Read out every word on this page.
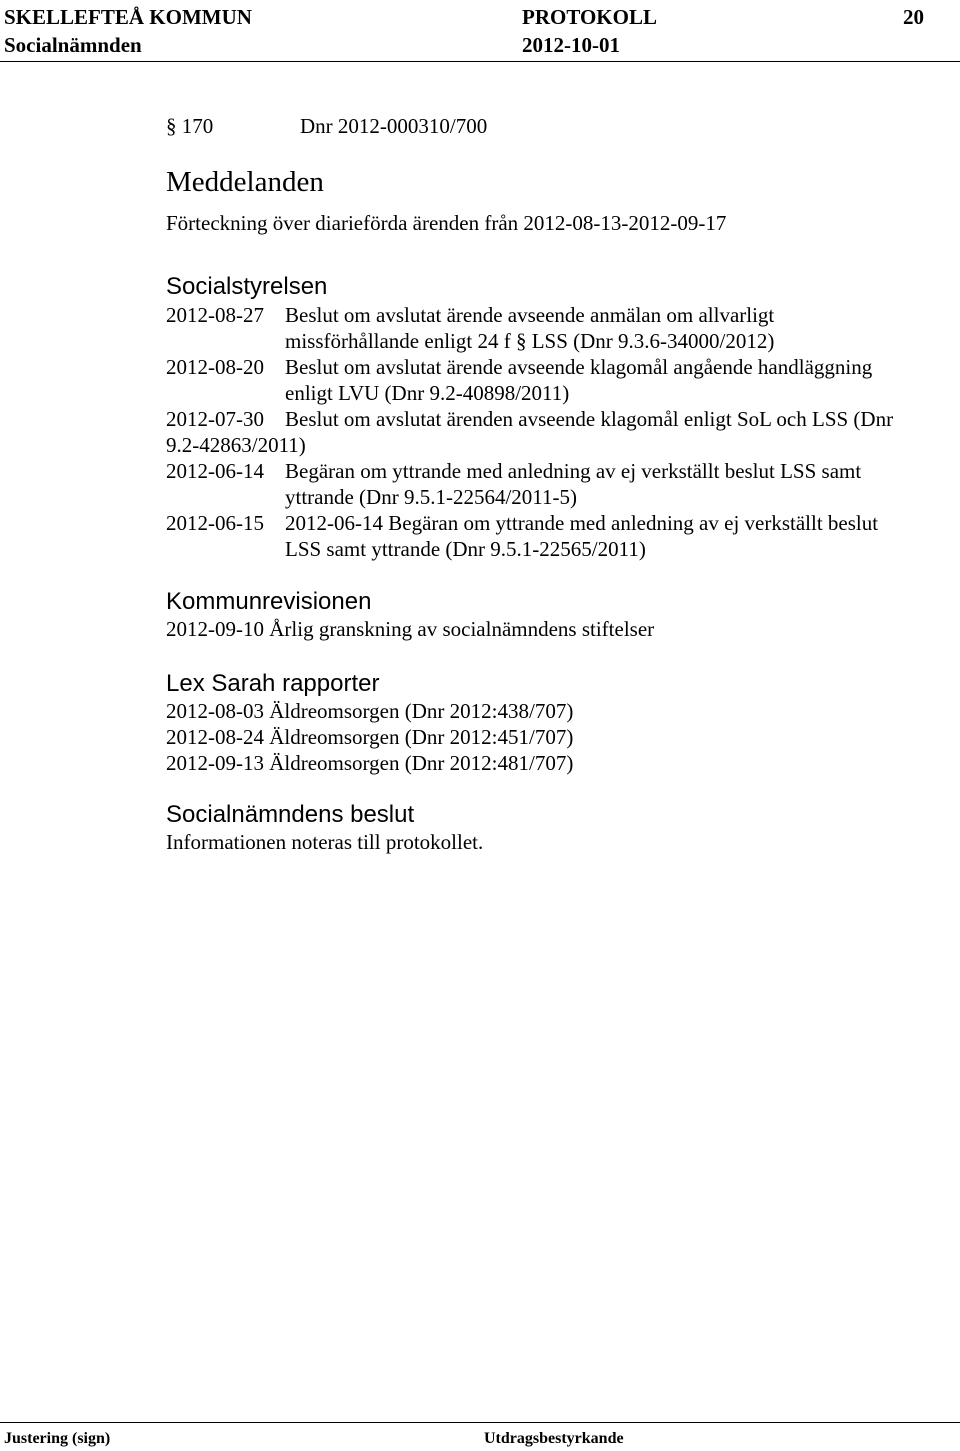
SKELLEFTEÅ KOMMUN	PROTOKOLL	20
Socialnämnden	2012-10-01
§ 170	Dnr 2012-000310/700
Meddelanden
Förteckning över diarieförda ärenden från 2012-08-13-2012-09-17
Socialstyrelsen
2012-08-27 Beslut om avslutat ärende avseende anmälan om allvarligt
missförhållande enligt 24 f § LSS (Dnr 9.3.6-34000/2012)
2012-08-20 Beslut om avslutat ärende avseende klagomål angående handläggning
enligt LVU (Dnr 9.2-40898/2011)
2012-07-30 Beslut om avslutat ärenden avseende klagomål enligt SoL och LSS (Dnr
9.2-42863/2011)
2012-06-14 Begäran om yttrande med anledning av ej verkställt beslut LSS samt
yttrande (Dnr 9.5.1-22564/2011-5)
2012-06-15 2012-06-14 Begäran om yttrande med anledning av ej verkställt beslut
LSS samt yttrande (Dnr 9.5.1-22565/2011)
Kommunrevisionen
2012-09-10 Årlig granskning av socialnämndens stiftelser
Lex Sarah rapporter
2012-08-03 Äldreomsorgen (Dnr 2012:438/707)
2012-08-24 Äldreomsorgen (Dnr 2012:451/707)
2012-09-13 Äldreomsorgen (Dnr 2012:481/707)
Socialnämndens beslut
Informationen noteras till protokollet.
Justering (sign)	Utdragsbestyrkande
